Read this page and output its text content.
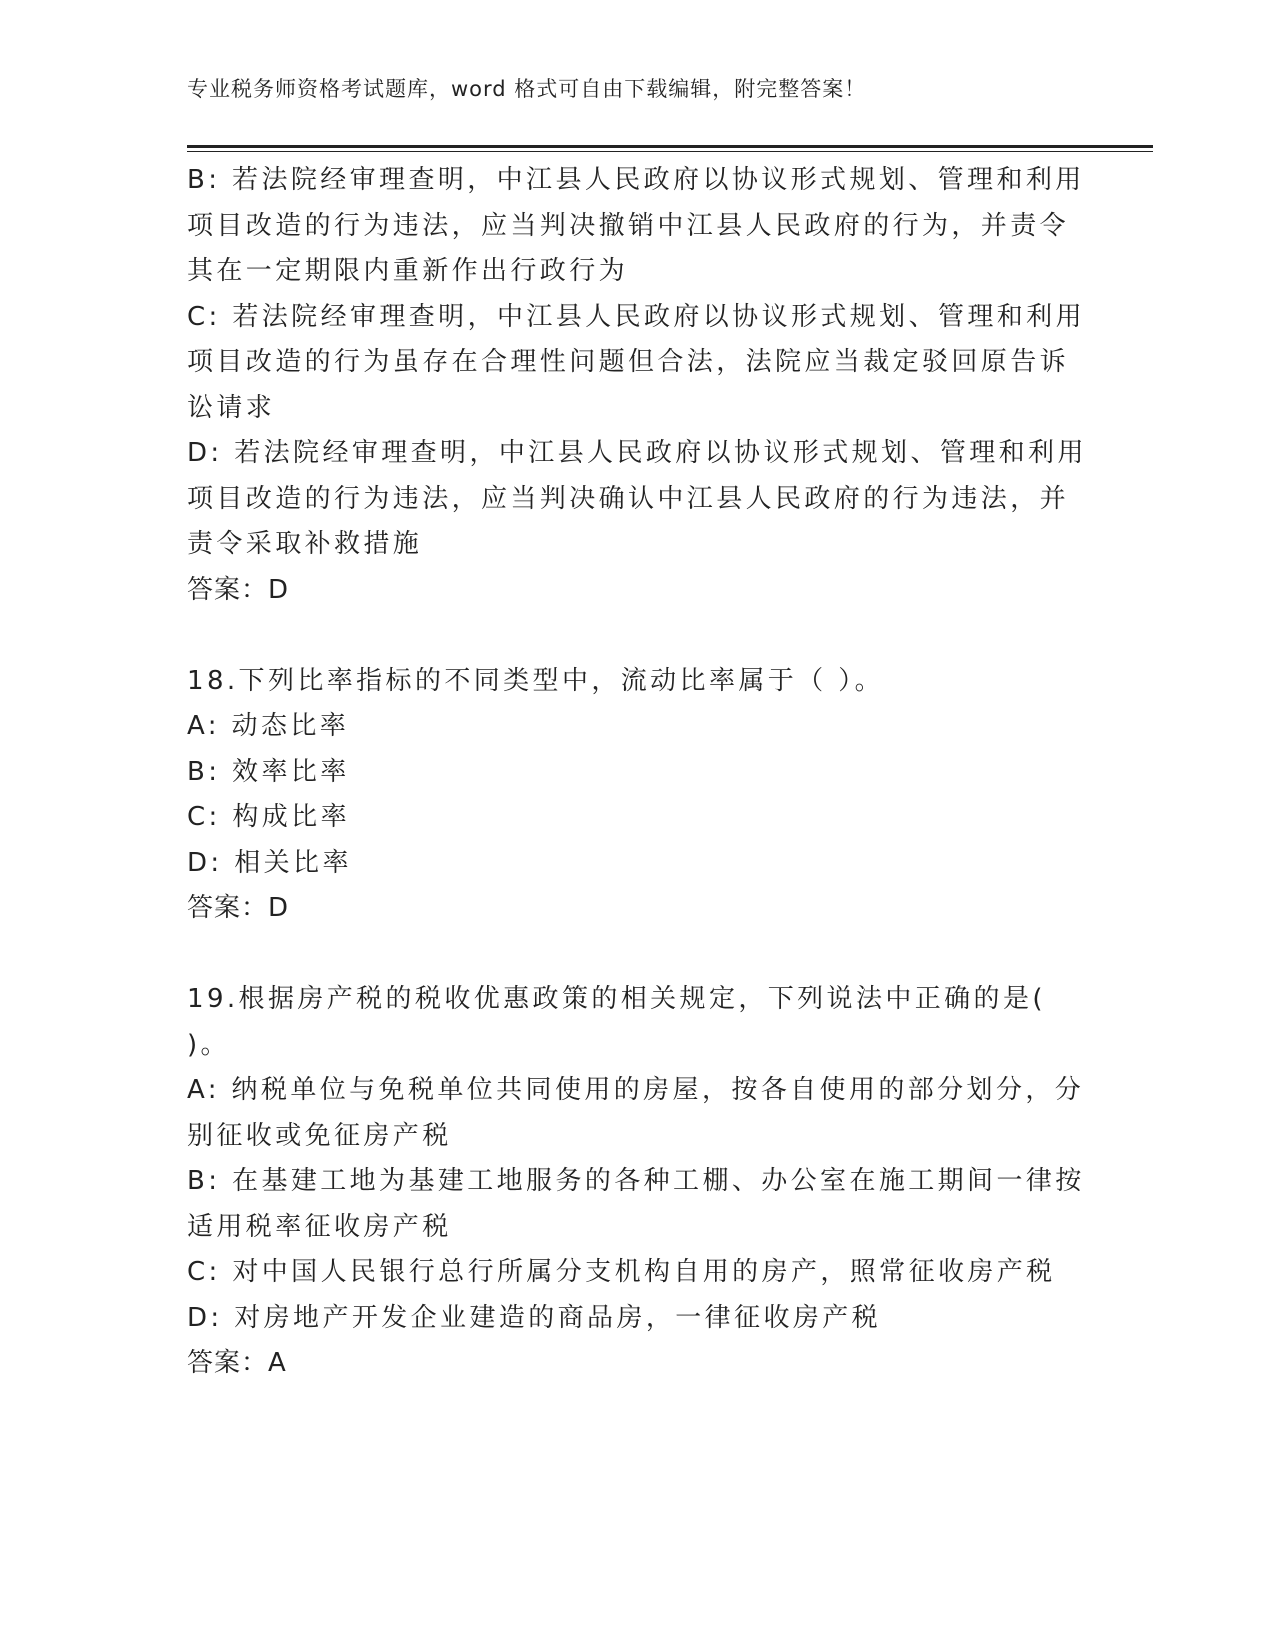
专业税务师资格考试题库，word 格式可自由下载编辑，附完整答案！

B: 若法院经审理查明，中江县人民政府以协议形式规划、管理和利用项目改造的行为违法，应当判决撤销中江县人民政府的行为，并责令其在一定期限内重新作出行政行为

C: 若法院经审理查明，中江县人民政府以协议形式规划、管理和利用项目改造的行为虽存在合理性问题但合法，法院应当裁定驳回原告诉讼请求

D: 若法院经审理查明，中江县人民政府以协议形式规划、管理和利用项目改造的行为违法，应当判决确认中江县人民政府的行为违法，并责令采取补救措施

答案：D

18.下列比率指标的不同类型中，流动比率属于（ ）。

A: 动态比率

B: 效率比率

C: 构成比率

D: 相关比率

答案：D

19.根据房产税的税收优惠政策的相关规定，下列说法中正确的是( )。

A: 纳税单位与免税单位共同使用的房屋，按各自使用的部分划分，分别征收或免征房产税

B: 在基建工地为基建工地服务的各种工棚、办公室在施工期间一律按适用税率征收房产税

C: 对中国人民银行总行所属分支机构自用的房产，照常征收房产税

D: 对房地产开发企业建造的商品房，一律征收房产税

答案：A
